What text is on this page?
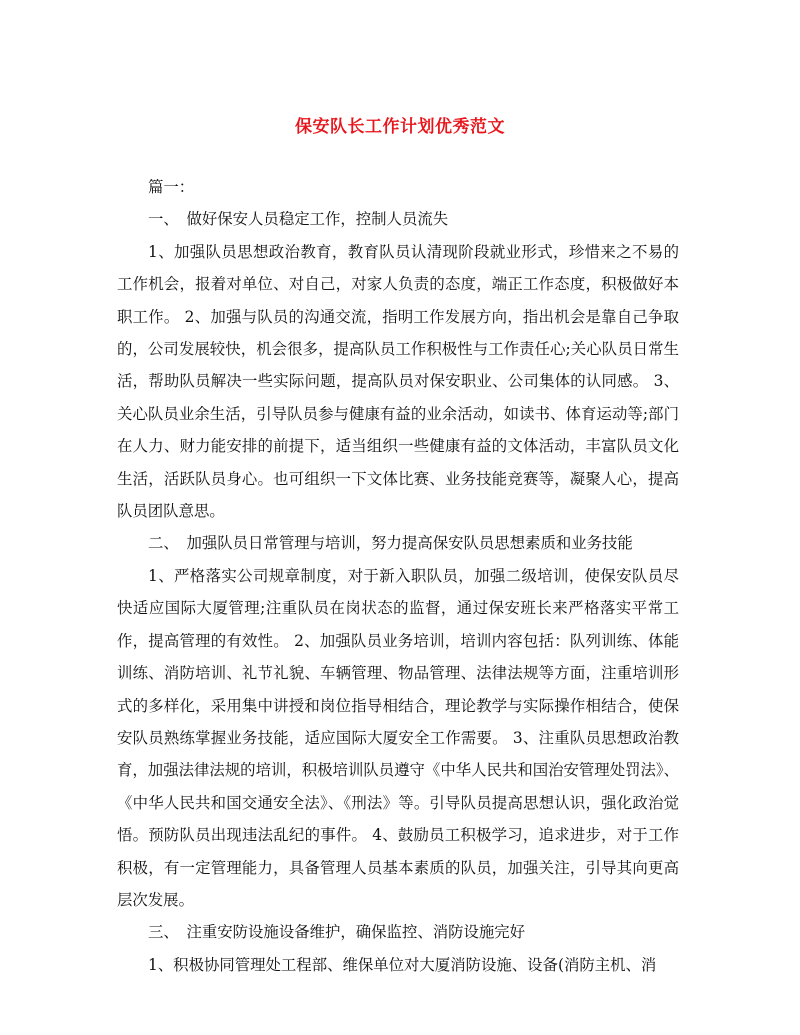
保安队长工作计划优秀范文

篇一：

一、　做好保安人员稳定工作，控制人员流失

1、加强队员思想政治教育，教育队员认清现阶段就业形式，珍惜来之不易的工作机会，报着对单位、对自己，对家人负责的态度，端正工作态度，积极做好本职工作。 2、加强与队员的沟通交流，指明工作发展方向，指出机会是靠自己争取的，公司发展较快，机会很多，提高队员工作积极性与工作责任心;关心队员日常生活，帮助队员解决一些实际问题，提高队员对保安职业、公司集体的认同感。 3、关心队员业余生活，引导队员参与健康有益的业余活动，如读书、体育运动等;部门在人力、财力能安排的前提下，适当组织一些健康有益的文体活动，丰富队员文化生活，活跃队员身心。也可组织一下文体比赛、业务技能竞赛等，凝聚人心，提高队员团队意思。

二、　加强队员日常管理与培训，努力提高保安队员思想素质和业务技能

1、严格落实公司规章制度，对于新入职队员，加强二级培训，使保安队员尽快适应国际大厦管理;注重队员在岗状态的监督，通过保安班长来严格落实平常工作，提高管理的有效性。 2、加强队员业务培训，培训内容包括：队列训练、体能训练、消防培训、礼节礼貌、车辆管理、物品管理、法律法规等方面，注重培训形式的多样化，采用集中讲授和岗位指导相结合，理论教学与实际操作相结合，使保安队员熟练掌握业务技能，适应国际大厦安全工作需要。 3、注重队员思想政治教育，加强法律法规的培训，积极培训队员遵守《中华人民共和国治安管理处罚法》、《中华人民共和国交通安全法》、《刑法》等。引导队员提高思想认识，强化政治觉悟。预防队员出现违法乱纪的事件。 4、鼓励员工积极学习，追求进步，对于工作积极，有一定管理能力，具备管理人员基本素质的队员，加强关注，引导其向更高层次发展。

三、　注重安防设施设备维护，确保监控、消防设施完好

1、积极协同管理处工程部、维保单位对大厦消防设施、设备(消防主机、消
